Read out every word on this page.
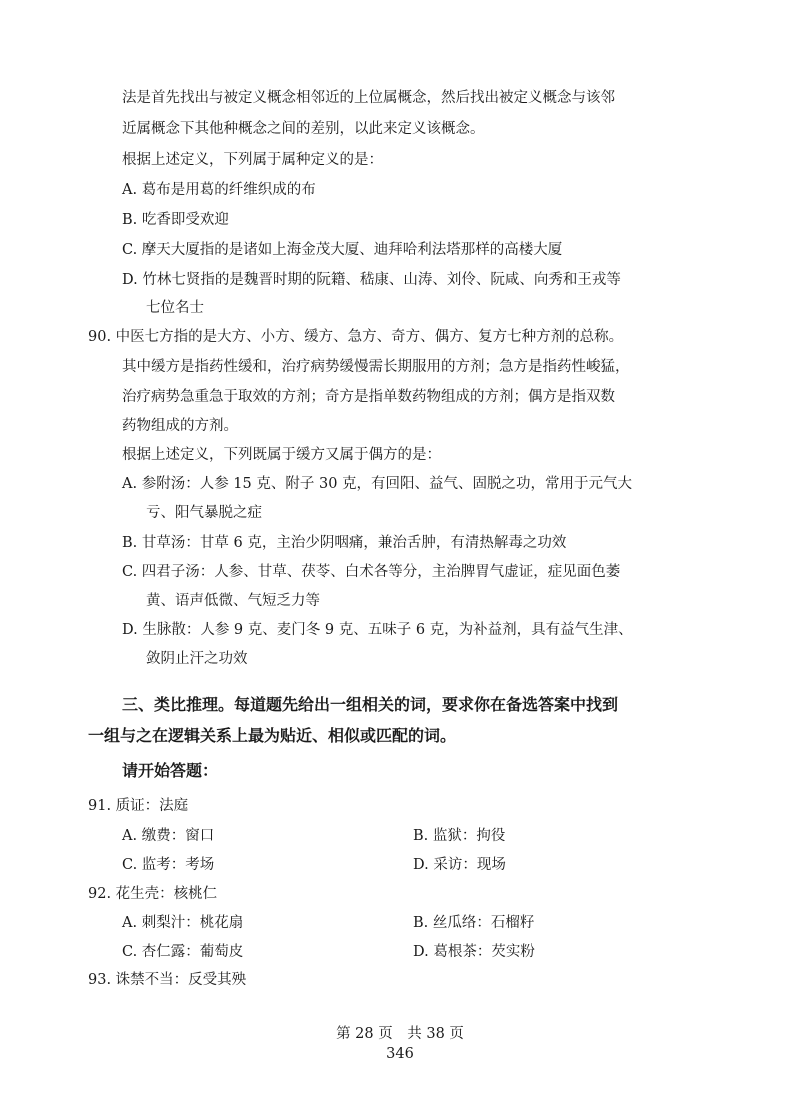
法是首先找出与被定义概念相邻近的上位属概念，然后找出被定义概念与该邻
近属概念下其他种概念之间的差别，以此来定义该概念。
根据上述定义，下列属于属种定义的是：
A. 葛布是用葛的纤维织成的布
B. 吃香即受欢迎
C. 摩天大厦指的是诸如上海金茂大厦、迪拜哈利法塔那样的高楼大厦
D. 竹林七贤指的是魏晋时期的阮籍、嵇康、山涛、刘伶、阮咸、向秀和王戎等
七位名士
90. 中医七方指的是大方、小方、缓方、急方、奇方、偶方、复方七种方剂的总称。
其中缓方是指药性缓和，治疗病势缓慢需长期服用的方剂；急方是指药性峻猛，
治疗病势急重急于取效的方剂；奇方是指单数药物组成的方剂；偶方是指双数
药物组成的方剂。
根据上述定义，下列既属于缓方又属于偶方的是：
A. 参附汤：人参 15 克、附子 30 克，有回阳、益气、固脱之功，常用于元气大
亏、阳气暴脱之症
B. 甘草汤：甘草 6 克，主治少阴咽痛，兼治舌肿，有清热解毒之功效
C. 四君子汤：人参、甘草、茯苓、白术各等分，主治脾胃气虚证，症见面色萎
黄、语声低微、气短乏力等
D. 生脉散：人参 9 克、麦门冬 9 克、五味子 6 克，为补益剂，具有益气生津、
敛阴止汗之功效
三、类比推理。每道题先给出一组相关的词，要求你在备选答案中找到
一组与之在逻辑关系上最为贴近、相似或匹配的词。
请开始答题：
91. 质证：法庭
A. 缴费：窗口	B. 监狱：拘役
C. 监考：考场	D. 采访：现场
92. 花生壳：核桃仁
A. 刺梨汁：桃花扇	B. 丝瓜络：石榴籽
C. 杏仁露：葡萄皮	D. 葛根茶：芡实粉
93. 诛禁不当：反受其殃
第 28 页　共 38 页
346
